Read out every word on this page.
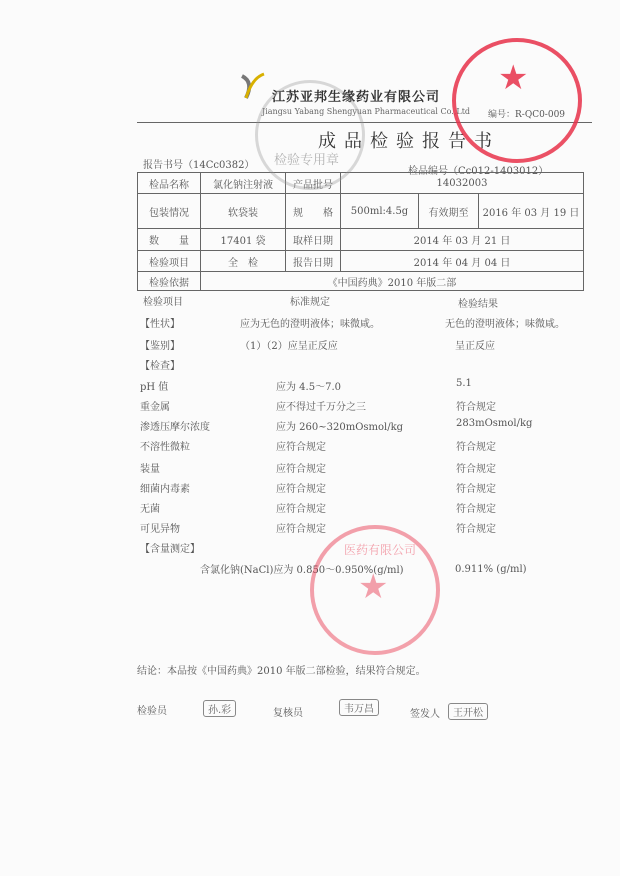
江苏亚邦生缘药业有限公司
Jiangsu Yabang Shengyuan Pharmaceutical Co.,Ltd 编号：R-QC0-009
成品检验报告书
报告书号（14Cc0382）
检品编号（Cc012-1403012）
检品名称	氯化钠注射液	产品批号	14032003		
包装情况	软袋装	规　　格	500ml:4.5g	有效期至	2016 年 03 月 19 日
数　　量	17401 袋	取样日期	2014 年 03 月 21 日		
检验项目	全　检	报告日期	2014 年 04 月 04 日		
检验依据	《中国药典》2010 年版二部				
检验项目	标准规定	检验结果
【性状】	应为无色的澄明液体；味微咸。	无色的澄明液体；味微咸。
【鉴别】	（1）（2）应呈正反应	呈正反应
【检查】
pH 值	应为 4.5～7.0	5.1
重金属	应不得过千万分之三	符合规定
渗透压摩尔浓度	应为 260~320mOsmol/kg	283mOsmol/kg
不溶性微粒	应符合规定	符合规定
装量	应符合规定	符合规定
细菌内毒素	应符合规定	符合规定
无菌	应符合规定	符合规定
可见异物	应符合规定	符合规定
【含量测定】
含氯化钠(NaCl)应为 0.850～0.950%(g/ml)	0.911% (g/ml)
结论：本品按《中国药典》2010 年版二部检验，结果符合规定。
检验员	孙.彩	复核员	韦万昌	签发人	王开松
检验专用章
★
★
医药有限公司
